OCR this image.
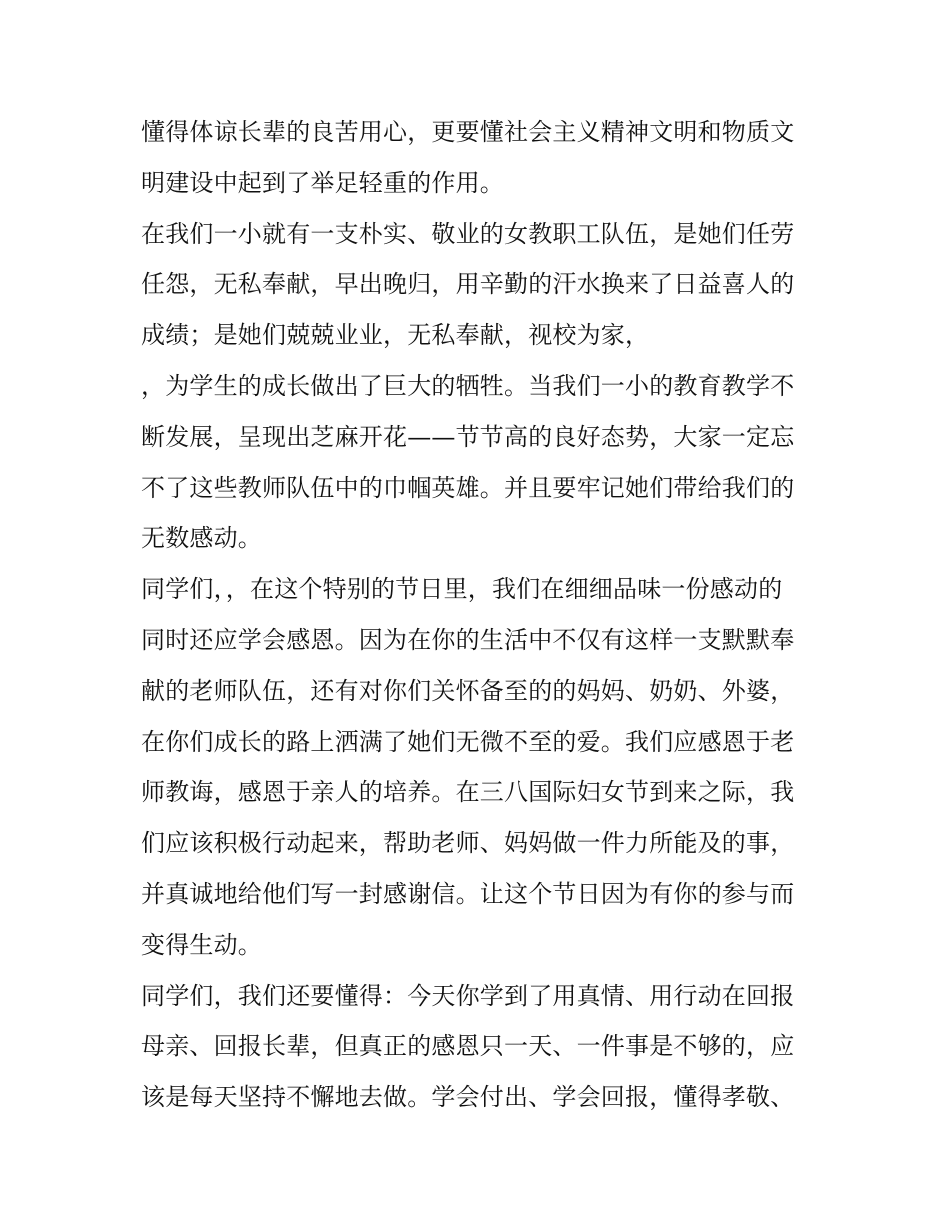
懂得体谅长辈的良苦用心，更要懂社会主义精神文明和物质文
明建设中起到了举足轻重的作用。
在我们一小就有一支朴实、敬业的女教职工队伍，是她们任劳
任怨，无私奉献，早出晚归，用辛勤的汗水换来了日益喜人的
成绩；是她们兢兢业业，无私奉献，视校为家，
，为学生的成长做出了巨大的牺牲。当我们一小的教育教学不
断发展，呈现出芝麻开花——节节高的良好态势，大家一定忘
不了这些教师队伍中的巾帼英雄。并且要牢记她们带给我们的
无数感动。
同学们，，在这个特别的节日里，我们在细细品味一份感动的
同时还应学会感恩。因为在你的生活中不仅有这样一支默默奉
献的老师队伍，还有对你们关怀备至的的妈妈、奶奶、外婆，
在你们成长的路上洒满了她们无微不至的爱。我们应感恩于老
师教诲，感恩于亲人的培养。在三八国际妇女节到来之际，我
们应该积极行动起来，帮助老师、妈妈做一件力所能及的事，
并真诚地给他们写一封感谢信。让这个节日因为有你的参与而
变得生动。
同学们，我们还要懂得：今天你学到了用真情、用行动在回报
母亲、回报长辈，但真正的感恩只一天、一件事是不够的，应
该是每天坚持不懈地去做。学会付出、学会回报，懂得孝敬、
